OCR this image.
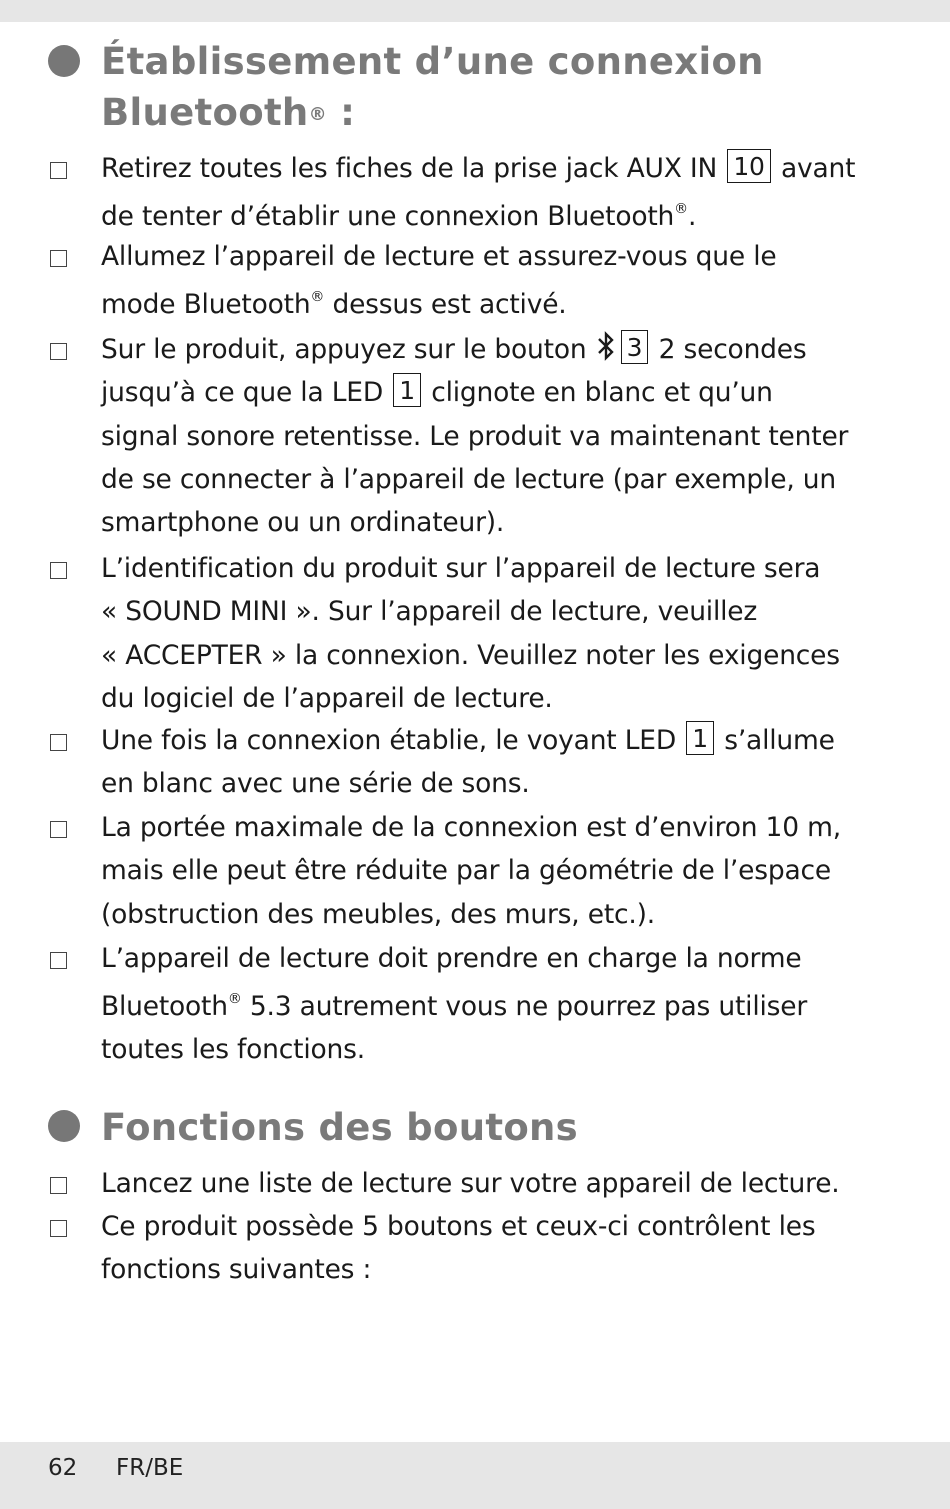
Établissement d’une connexion
Bluetooth® :
Retirez toutes les fiches de la prise jack AUX IN 10 avant
de tenter d’établir une connexion Bluetooth®.
Allumez l’appareil de lecture et assurez-vous que le
mode Bluetooth® dessus est activé.
Sur le produit, appuyez sur le bouton 3 2 secondes
jusqu’à ce que la LED 1 clignote en blanc et qu’un
signal sonore retentisse. Le produit va maintenant tenter
de se connecter à l’appareil de lecture (par exemple, un
smartphone ou un ordinateur).
L’identification du produit sur l’appareil de lecture sera
« SOUND MINI ». Sur l’appareil de lecture, veuillez
« ACCEPTER » la connexion. Veuillez noter les exigences
du logiciel de l’appareil de lecture.
Une fois la connexion établie, le voyant LED 1 s’allume
en blanc avec une série de sons.
La portée maximale de la connexion est d’environ 10 m,
mais elle peut être réduite par la géométrie de l’espace
(obstruction des meubles, des murs, etc.).
L’appareil de lecture doit prendre en charge la norme
Bluetooth® 5.3 autrement vous ne pourrez pas utiliser
toutes les fonctions.
Fonctions des boutons
Lancez une liste de lecture sur votre appareil de lecture.
Ce produit possède 5 boutons et ceux-ci contrôlent les
fonctions suivantes :
62 FR/BE
